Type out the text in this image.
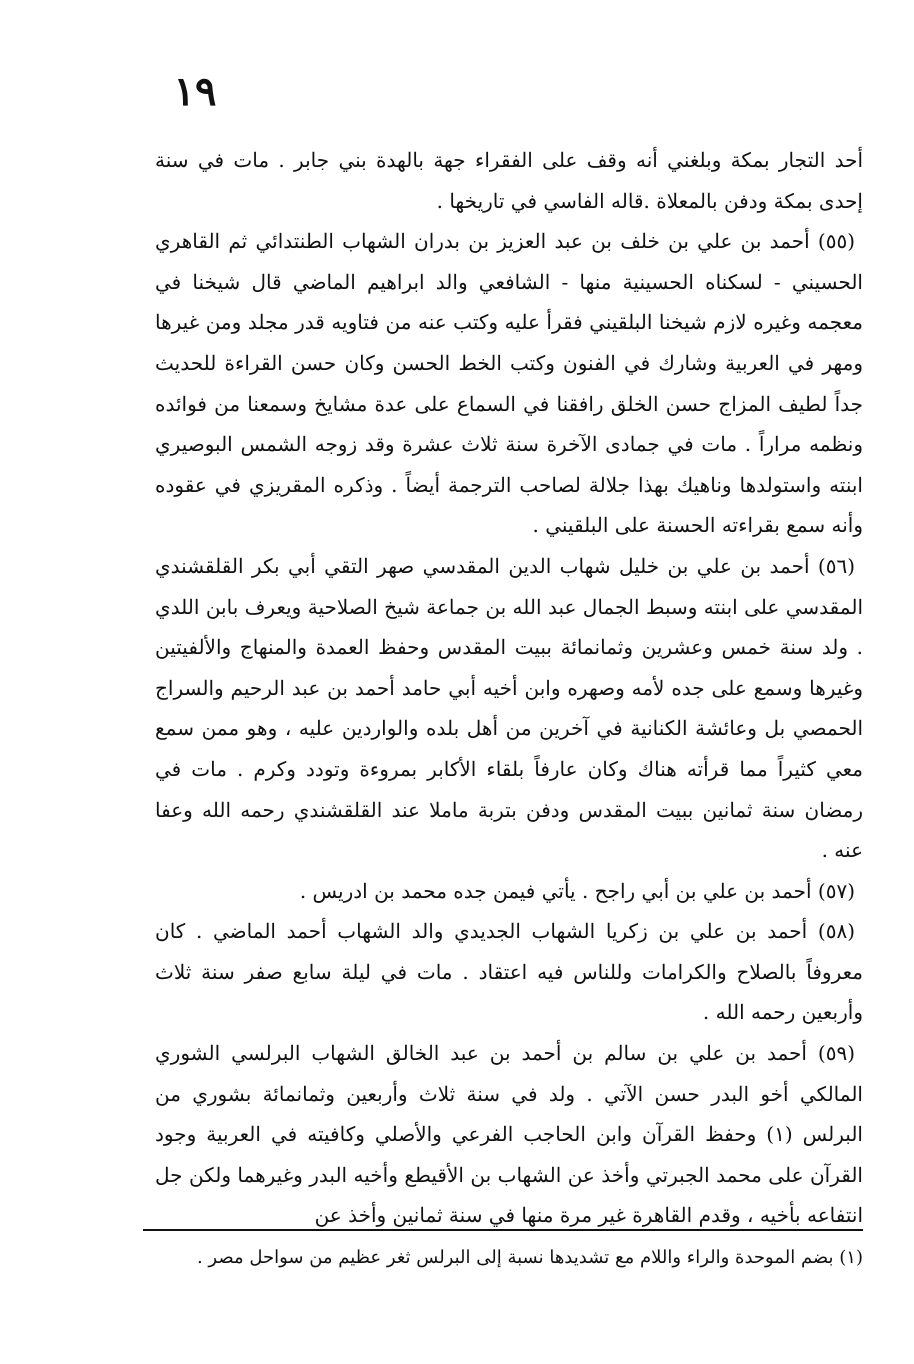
١٩

أحد التجار بمكة وبلغني أنه وقف على الفقراء جهة بالهدة بني جابر . مات في سنة إحدى بمكة ودفن بالمعلاة .قاله الفاسي في تاريخها .

(٥٥) أحمد بن علي بن خلف بن عبد العزيز بن بدران الشهاب الطنتدائي ثم القاهري الحسيني - لسكناه الحسينية منها - الشافعي والد ابراهيم الماضي قال شيخنا في معجمه وغيره لازم شيخنا البلقيني فقرأ عليه وكتب عنه من فتاويه قدر مجلد ومن غيرها ومهر في العربية وشارك في الفنون وكتب الخط الحسن وكان حسن القراءة للحديث جداً لطيف المزاج حسن الخلق رافقنا في السماع على عدة مشايخ وسمعنا من فوائده ونظمه مراراً . مات في جمادى الآخرة سنة ثلاث عشرة وقد زوجه الشمس البوصيري ابنته واستولدها وناهيك بهذا جلالة لصاحب الترجمة أيضاً . وذكره المقريزي في عقوده وأنه سمع بقراءته الحسنة على البلقيني .

(٥٦) أحمد بن علي بن خليل شهاب الدين المقدسي صهر التقي أبي بكر القلقشندي المقدسي على ابنته وسبط الجمال عبد الله بن جماعة شيخ الصلاحية ويعرف بابن اللدي . ولد سنة خمس وعشرين وثمانمائة ببيت المقدس وحفظ العمدة والمنهاج والألفيتين وغيرها وسمع على جده لأمه وصهره وابن أخيه أبي حامد أحمد بن عبد الرحيم والسراج الحمصي بل وعائشة الكنانية في آخرين من أهل بلده والواردين عليه ، وهو ممن سمع معي كثيراً مما قرأته هناك وكان عارفاً بلقاء الأكابر بمروءة وتودد وكرم . مات في رمضان سنة ثمانين ببيت المقدس ودفن بتربة ماملا عند القلقشندي رحمه الله وعفا عنه .

(٥٧) أحمد بن علي بن أبي راجح . يأتي فيمن جده محمد بن ادريس .

(٥٨) أحمد بن علي بن زكريا الشهاب الجديدي والد الشهاب أحمد الماضي . كان معروفاً بالصلاح والكرامات وللناس فيه اعتقاد . مات في ليلة سابع صفر سنة ثلاث وأربعين رحمه الله .

(٥٩) أحمد بن علي بن سالم بن أحمد بن عبد الخالق الشهاب البرلسي الشوري المالكي أخو البدر حسن الآتي . ولد في سنة ثلاث وأربعين وثمانمائة بشوري من البرلس (١) وحفظ القرآن وابن الحاجب الفرعي والأصلي وكافيته في العربية وجود القرآن على محمد الجبرتي وأخذ عن الشهاب بن الأقيطع وأخيه البدر وغيرهما ولكن جل انتفاعه بأخيه ، وقدم القاهرة غير مرة منها في سنة ثمانين وأخذ عن

(١) بضم الموحدة والراء واللام مع تشديدها نسبة إلى البرلس ثغر عظيم من سواحل مصر .
